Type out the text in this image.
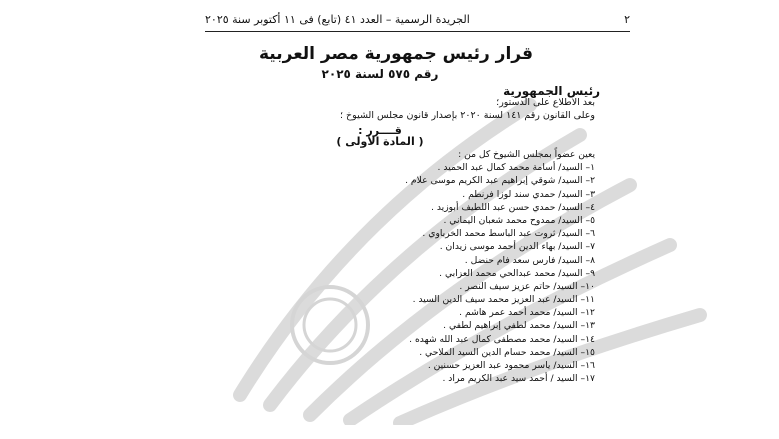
٢
الجريدة الرسمية – العدد ٤١ (تابع) فى ١١ أكتوبر سنة ٢٠٢٥
قرار رئيس جمهورية مصر العربية
رقم ٥٧٥ لسنة ٢٠٢٥
رئيس الجمهورية
بعد الاطلاع على الدستور؛
وعلى القانون رقم ١٤١ لسنة ٢٠٢٠ بإصدار قانون مجلس الشيوخ ؛
قــــرر :
( المادة الأولى )
يعين عضواً بمجلس الشيوخ كل من :
١– السيد/ أسامة محمد كمال عبد الحميد .
٢– السيد/ شوقي إبراهيم عبد الكريم موسى علام .
٣– السيد/ حمدي سند لوزا فرنطم .
٤– السيد/ حمدي حسن عبد اللطيف أبوزيد .
٥– السيد/ ممدوح محمد شعبان اليماني .
٦– السيد/ ثروت عبد الباسط محمد الخرباوي .
٧– السيد/ بهاء الدين أحمد موسى زيدان .
٨– السيد/ فارس سعد فام حنضل .
٩– السيد/ محمد عبدالحي محمد العزابي .
١٠– السيد/ حاتم عزيز سيف النصر .
١١– السيد/ عبد العزيز محمد سيف الدين السيد .
١٢– السيد/ محمد أحمد عمر هاشم .
١٣– السيد/ محمد لطفي إبراهيم لطفي .
١٤– السيد/ محمد مصطفى كمال عبد الله شهده .
١٥– السيد/ محمد حسام الدين السيد الملاحي .
١٦– السيد/ ياسر محمود عبد العزيز حسنين .
١٧– السيد / أحمد سيد عبد الكريم مراد .
